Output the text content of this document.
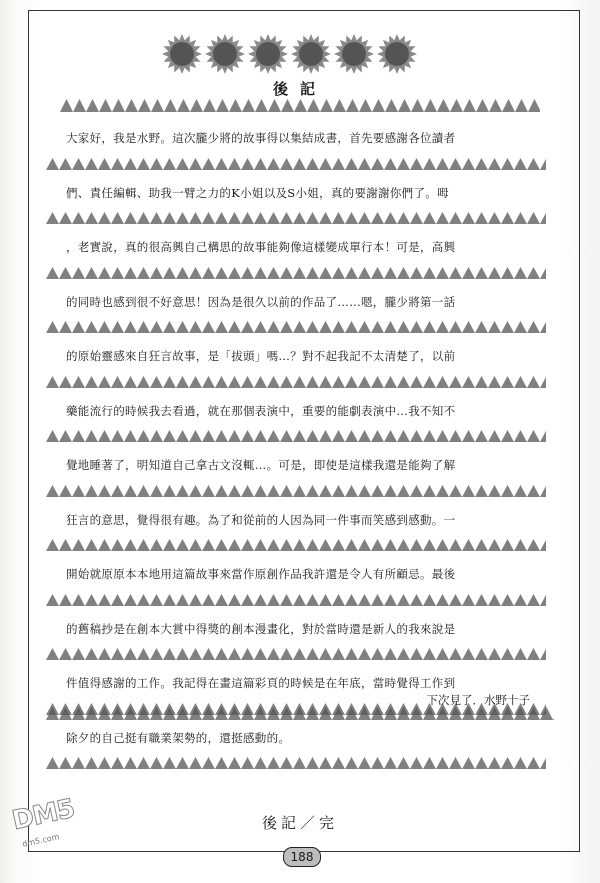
後記
大家好，我是水野。這次朧少將的故事得以集結成書，首先要感謝各位讀者
們、責任編輯、助我一臂之力的K小姐以及S小姐，真的要謝謝你們了。呣
，老實說，真的很高興自己構思的故事能夠像這樣變成單行本！可是，高興
的同時也感到很不好意思！因為是很久以前的作品了……嗯，朧少將第一話
的原始靈感來自狂言故事，是「拔頭」嗎…？對不起我記不太清楚了，以前
藥能流行的時候我去看過，就在那個表演中，重要的能劇表演中…我不知不
覺地睡著了，明知道自己拿古文沒輒…。可是，即使是這樣我還是能夠了解
狂言的意思，覺得很有趣。為了和從前的人因為同一件事而笑感到感動。一
開始就原原本本地用這篇故事來當作原創作品我許還是令人有所顧忌。最後
的舊稿抄是在創本大賞中得獎的創本漫畫化，對於當時還是新人的我來說是
件值得感謝的工作。我記得在畫這篇彩頁的時候是在年底，當時覺得工作到
除夕的自己挺有職業架勢的，還挺感動的。
下次見了．水野十子
後記／完
188
DM5
dm5.com
